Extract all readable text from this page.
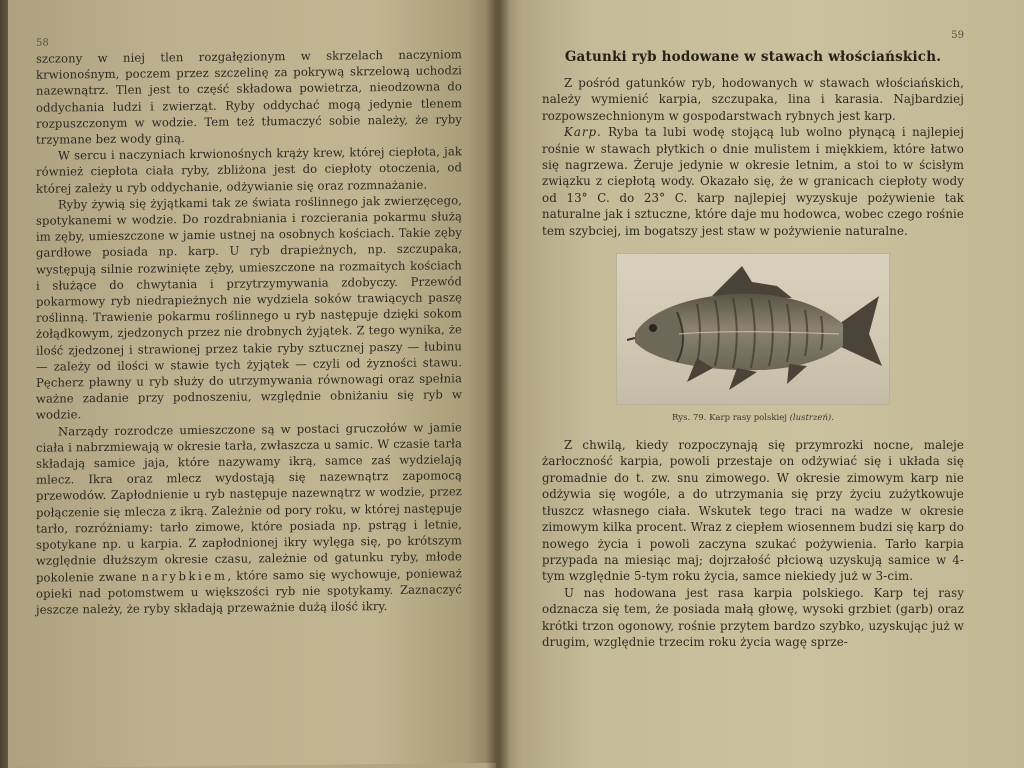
58

szczony w niej tlen rozgałęzionym w skrzelach naczyniom krwionośnym, poczem przez szczelinę za pokrywą skrzelową uchodzi nazewnątrz. Tlen jest to część składowa powietrza, nieodzowna do oddychania ludzi i zwierząt. Ryby oddychać mogą jedynie tlenem rozpuszczonym w wodzie. Tem też tłumaczyć sobie należy, że ryby trzymane bez wody giną.

W sercu i naczyniach krwionośnych krąży krew, której ciepłota, jak również ciepłota ciała ryby, zbliżona jest do ciepłoty otoczenia, od której zależy u ryb oddychanie, odżywianie się oraz rozmnażanie.

Ryby żywią się żyjątkami tak ze świata roślinnego jak zwierzęcego, spotykanemi w wodzie. Do rozdrabniania i rozcierania pokarmu służą im zęby, umieszczone w jamie ustnej na osobnych kościach. Takie zęby gardłowe posiada np. karp. U ryb drapieżnych, np. szczupaka, występują silnie rozwinięte zęby, umieszczone na rozmaitych kościach i służące do chwytania i przytrzymywania zdobyczy. Przewód pokarmowy ryb niedrapieżnych nie wydziela soków trawiących paszę roślinną. Trawienie pokarmu roślinnego u ryb następuje dzięki sokom żołądkowym, zjedzonych przez nie drobnych żyjątek. Z tego wynika, że ilość zjedzonej i strawionej przez takie ryby sztucznej paszy — łubinu — zależy od ilości w stawie tych żyjątek — czyli od żyzności stawu. Pęcherz pławny u ryb służy do utrzymywania równowagi oraz spełnia ważne zadanie przy podnoszeniu, względnie obniżaniu się ryb w wodzie.

Narządy rozrodcze umieszczone są w postaci gruczołów w jamie ciała i nabrzmiewają w okresie tarła, zwłaszcza u samic. W czasie tarła składają samice jaja, które nazywamy ikrą, samce zaś wydzielają mlecz. Ikra oraz mlecz wydostają się nazewnątrz zapomocą przewodów. Zapłodnienie u ryb następuje nazewnątrz w wodzie, przez połączenie się mlecza z ikrą. Zależnie od pory roku, w której następuje tarło, rozróżniamy: tarło zimowe, które posiada np. pstrąg i letnie, spotykane np. u karpia. Z zapłodnionej ikry wylęga się, po krótszym względnie dłuższym okresie czasu, zależnie od gatunku ryby, młode pokolenie zwane narybkiem, które samo się wychowuje, ponieważ opieki nad potomstwem u większości ryb nie spotykamy. Zaznaczyć jeszcze należy, że ryby składają przeważnie dużą ilość ikry.

59
Gatunki ryb hodowane w stawach włościańskich.

Z pośród gatunków ryb, hodowanych w stawach włościańskich, należy wymienić karpia, szczupaka, lina i karasia. Najbardziej rozpowszechnionym w gospodarstwach rybnych jest karp.

Karp. Ryba ta lubi wodę stojącą lub wolno płynącą i najlepiej rośnie w stawach płytkich o dnie mulistem i miękkiem, które łatwo się nagrzewa. Żeruje jedynie w okresie letnim, a stoi to w ścisłym związku z ciepłotą wody. Okazało się, że w granicach ciepłoty wody od 13° C. do 23° C. karp najlepiej wyzyskuje pożywienie tak naturalne jak i sztuczne, które daje mu hodowca, wobec czego rośnie tem szybciej, im bogatszy jest staw w pożywienie naturalne.

Rys. 79. Karp rasy polskiej (lustrzeń).

Z chwilą, kiedy rozpoczynają się przymrozki nocne, maleje żarłoczność karpia, powoli przestaje on odżywiać się i układa się gromadnie do t. zw. snu zimowego. W okresie zimowym karp nie odżywia się wogóle, a do utrzymania się przy życiu zużytkowuje tłuszcz własnego ciała. Wskutek tego traci na wadze w okresie zimowym kilka procent. Wraz z ciepłem wiosennem budzi się karp do nowego życia i powoli zaczyna szukać pożywienia. Tarło karpia przypada na miesiąc maj; dojrzałość płciową uzyskują samice w 4-tym względnie 5-tym roku życia, samce niekiedy już w 3-cim.

U nas hodowana jest rasa karpia polskiego. Karp tej rasy odznacza się tem, że posiada małą głowę, wysoki grzbiet (garb) oraz krótki trzon ogonowy, rośnie przytem bardzo szybko, uzyskując już w drugim, względnie trzecim roku życia wagę sprze-
